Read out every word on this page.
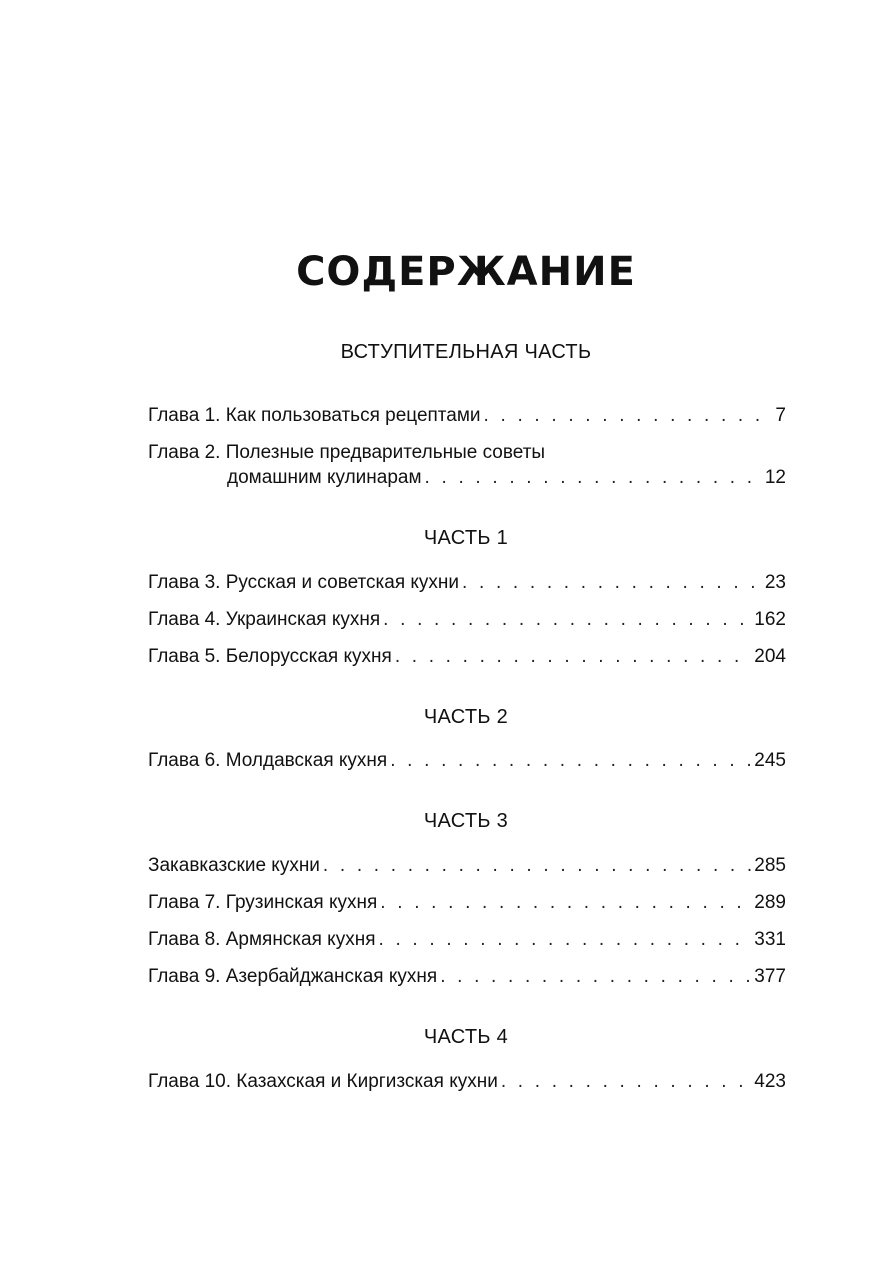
СОДЕРЖАНИЕ
ВСТУПИТЕЛЬНАЯ ЧАСТЬ
Глава 1. Как пользоваться рецептами . . .	7
Глава 2. Полезные предварительные советы
домашним кулинарам . . .	12
ЧАСТЬ 1
Глава 3. Русская и советская кухни . . .	23
Глава 4. Украинская кухня . . .	162
Глава 5. Белорусская кухня . . .	204
ЧАСТЬ 2
Глава 6. Молдавская кухня . . .	245
ЧАСТЬ 3
Закавказские кухни . . .	285
Глава 7. Грузинская кухня . . .	289
Глава 8. Армянская кухня . . .	331
Глава 9. Азербайджанская кухня . . .	377
ЧАСТЬ 4
Глава 10. Казахская и Киргизская кухни . . .	423
